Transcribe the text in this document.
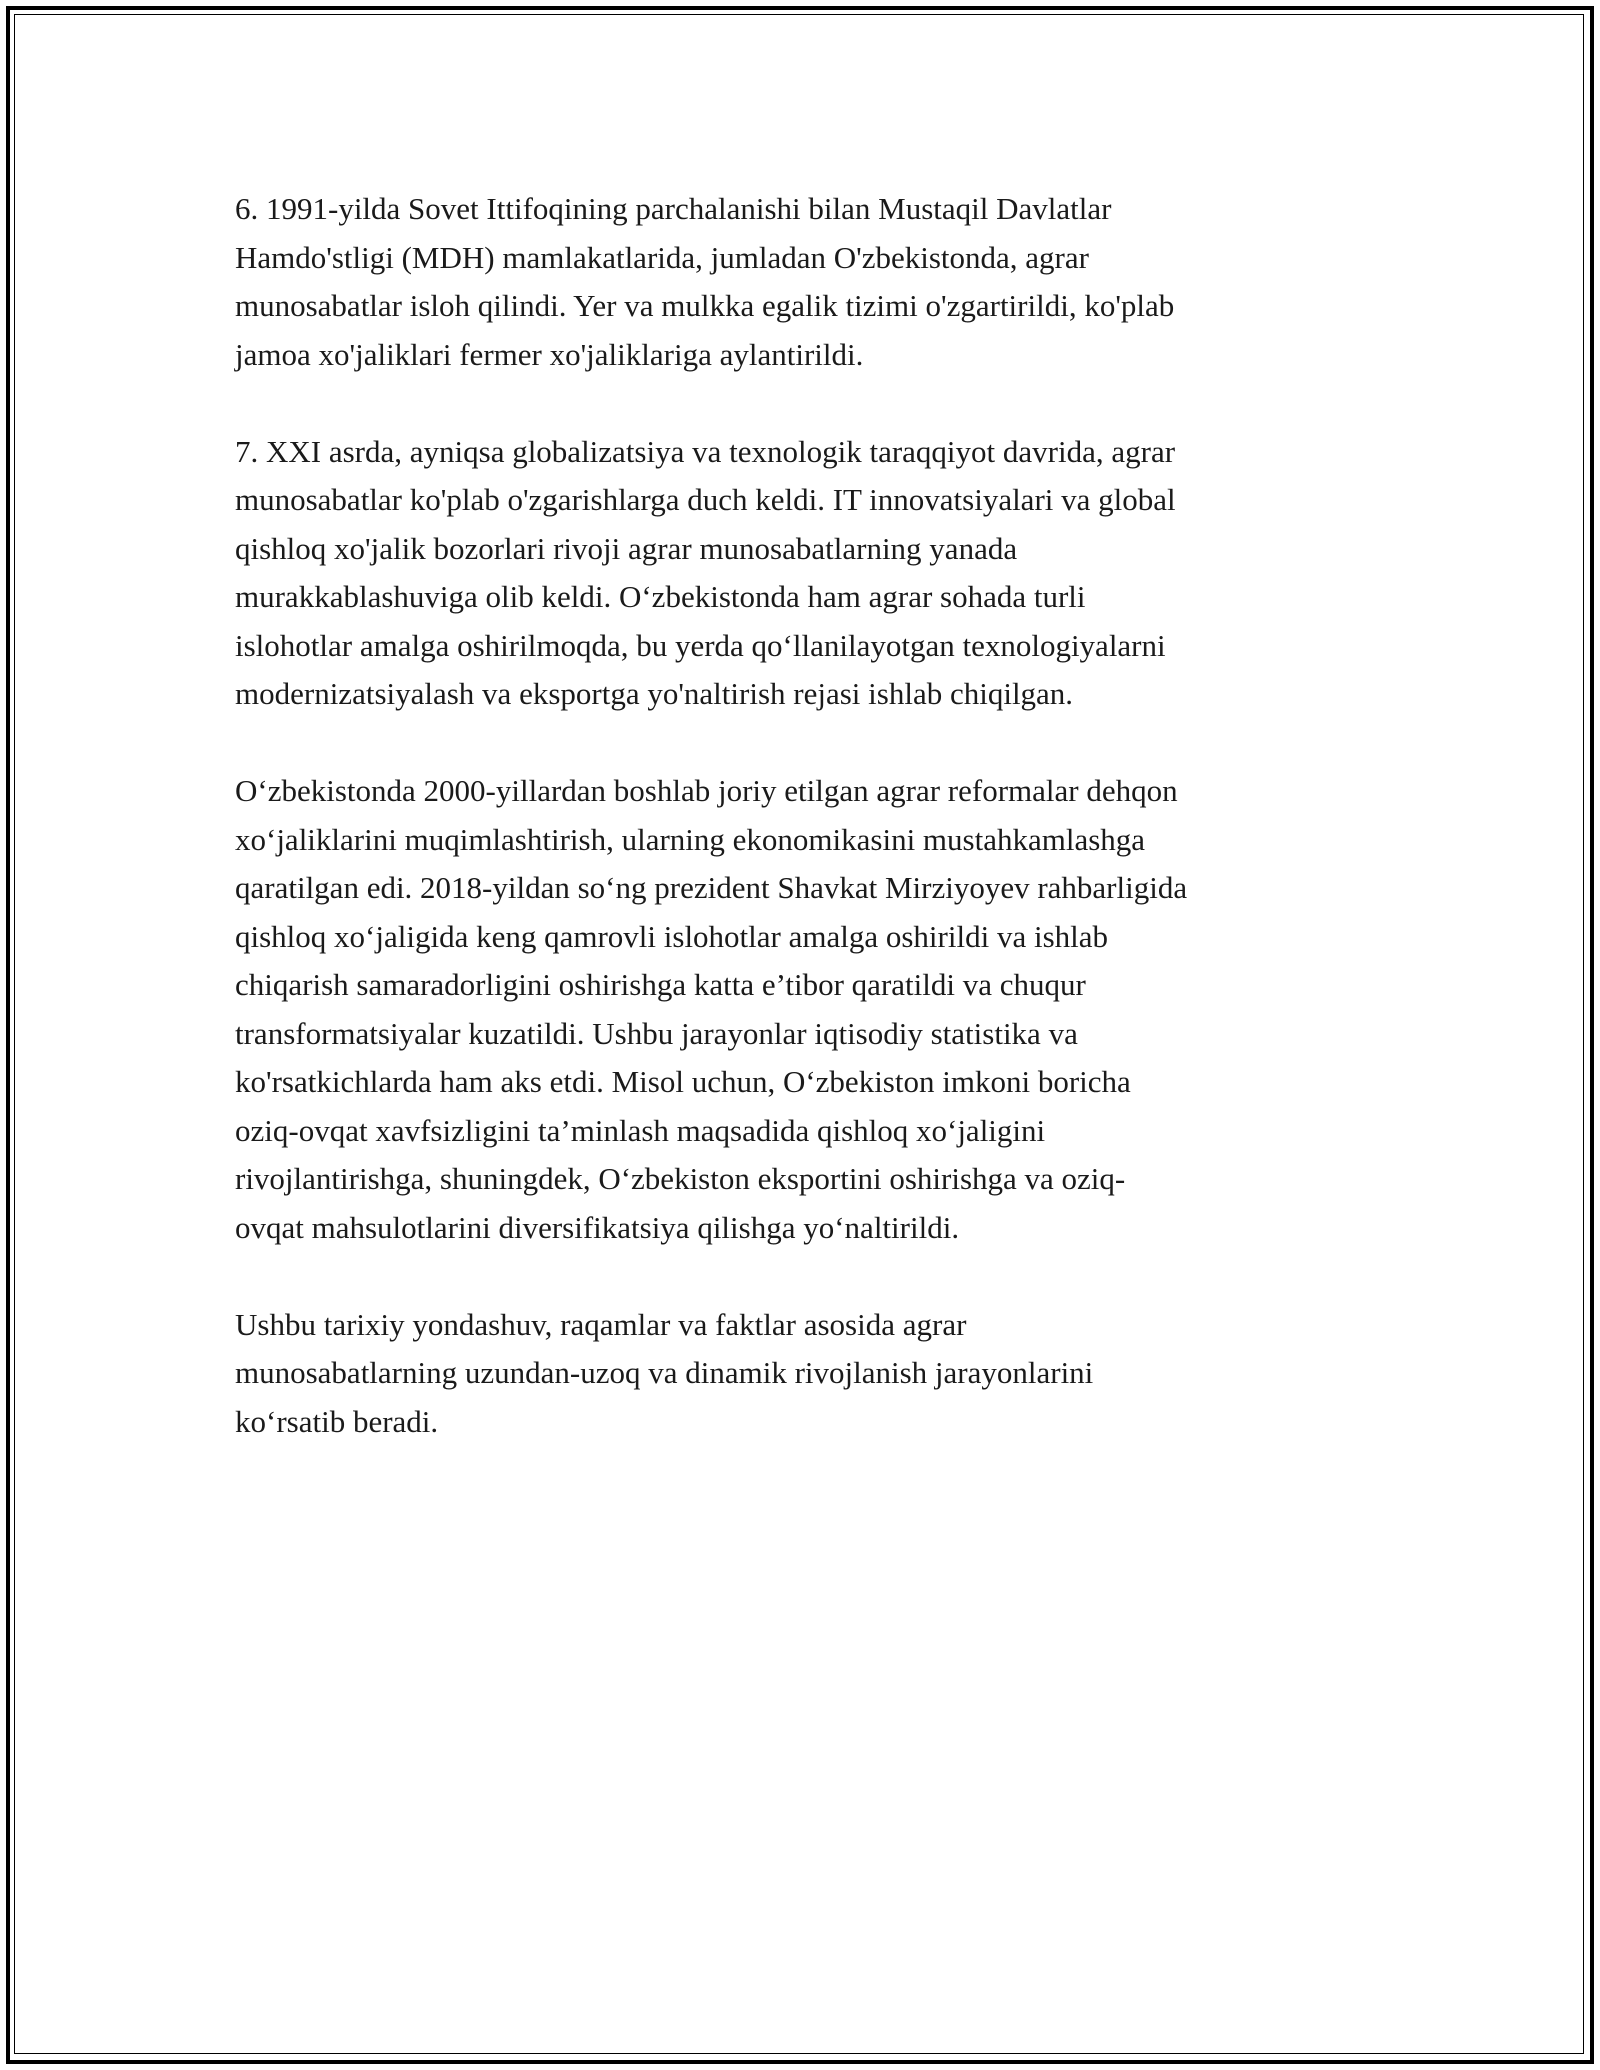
6. 1991-yilda Sovet Ittifoqining parchalanishi bilan Mustaqil Davlatlar
Hamdo'stligi (MDH) mamlakatlarida, jumladan O'zbekistonda, agrar
munosabatlar isloh qilindi. Yer va mulkka egalik tizimi o'zgartirildi, ko'plab
jamoa xo'jaliklari fermer xo'jaliklariga aylantirildi.

7. XXI asrda, ayniqsa globalizatsiya va texnologik taraqqiyot davrida, agrar
munosabatlar ko'plab o'zgarishlarga duch keldi. IT innovatsiyalari va global
qishloq xo'jalik bozorlari rivoji agrar munosabatlarning yanada
murakkablashuviga olib keldi. O‘zbekistonda ham agrar sohada turli
islohotlar amalga oshirilmoqda, bu yerda qo‘llanilayotgan texnologiyalarni
modernizatsiyalash va eksportga yo'naltirish rejasi ishlab chiqilgan.

O‘zbekistonda 2000-yillardan boshlab joriy etilgan agrar reformalar dehqon
xo‘jaliklarini muqimlashtirish, ularning ekonomikasini mustahkamlashga
qaratilgan edi. 2018-yildan so‘ng prezident Shavkat Mirziyoyev rahbarligida
qishloq xo‘jaligida keng qamrovli islohotlar amalga oshirildi va ishlab
chiqarish samaradorligini oshirishga katta e’tibor qaratildi va chuqur
transformatsiyalar kuzatildi. Ushbu jarayonlar iqtisodiy statistika va
ko'rsatkichlarda ham aks etdi. Misol uchun, O‘zbekiston imkoni boricha
oziq-ovqat xavfsizligini ta’minlash maqsadida qishloq xo‘jaligini
rivojlantirishga, shuningdek, O‘zbekiston eksportini oshirishga va oziq-
ovqat mahsulotlarini diversifikatsiya qilishga yo‘naltirildi.

Ushbu tarixiy yondashuv, raqamlar va faktlar asosida agrar
munosabatlarning uzundan-uzoq va dinamik rivojlanish jarayonlarini
ko‘rsatib beradi.
